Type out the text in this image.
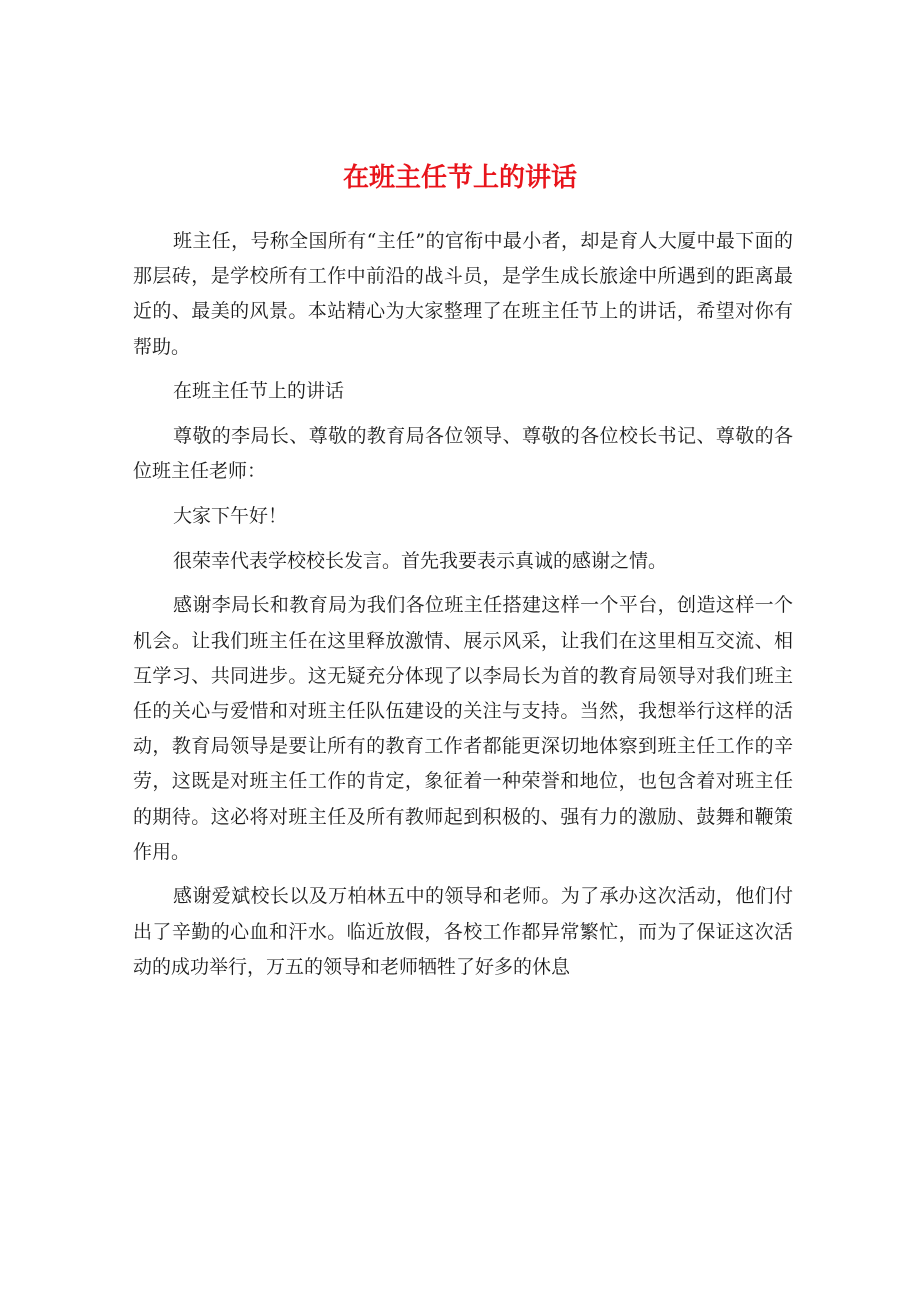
在班主任节上的讲话

班主任，号称全国所有“主任”的官衔中最小者，却是育人大厦中最下面的那层砖，是学校所有工作中前沿的战斗员，是学生成长旅途中所遇到的距离最近的、最美的风景。本站精心为大家整理了在班主任节上的讲话，希望对你有帮助。

在班主任节上的讲话

尊敬的李局长、尊敬的教育局各位领导、尊敬的各位校长书记、尊敬的各位班主任老师：

大家下午好！

很荣幸代表学校校长发言。首先我要表示真诚的感谢之情。

感谢李局长和教育局为我们各位班主任搭建这样一个平台，创造这样一个机会。让我们班主任在这里释放激情、展示风采，让我们在这里相互交流、相互学习、共同进步。这无疑充分体现了以李局长为首的教育局领导对我们班主任的关心与爱惜和对班主任队伍建设的关注与支持。当然，我想举行这样的活动，教育局领导是要让所有的教育工作者都能更深切地体察到班主任工作的辛劳，这既是对班主任工作的肯定，象征着一种荣誉和地位，也包含着对班主任的期待。这必将对班主任及所有教师起到积极的、强有力的激励、鼓舞和鞭策作用。

感谢爱斌校长以及万柏林五中的领导和老师。为了承办这次活动，他们付出了辛勤的心血和汗水。临近放假，各校工作都异常繁忙，而为了保证这次活动的成功举行，万五的领导和老师牺牲了好多的休息
